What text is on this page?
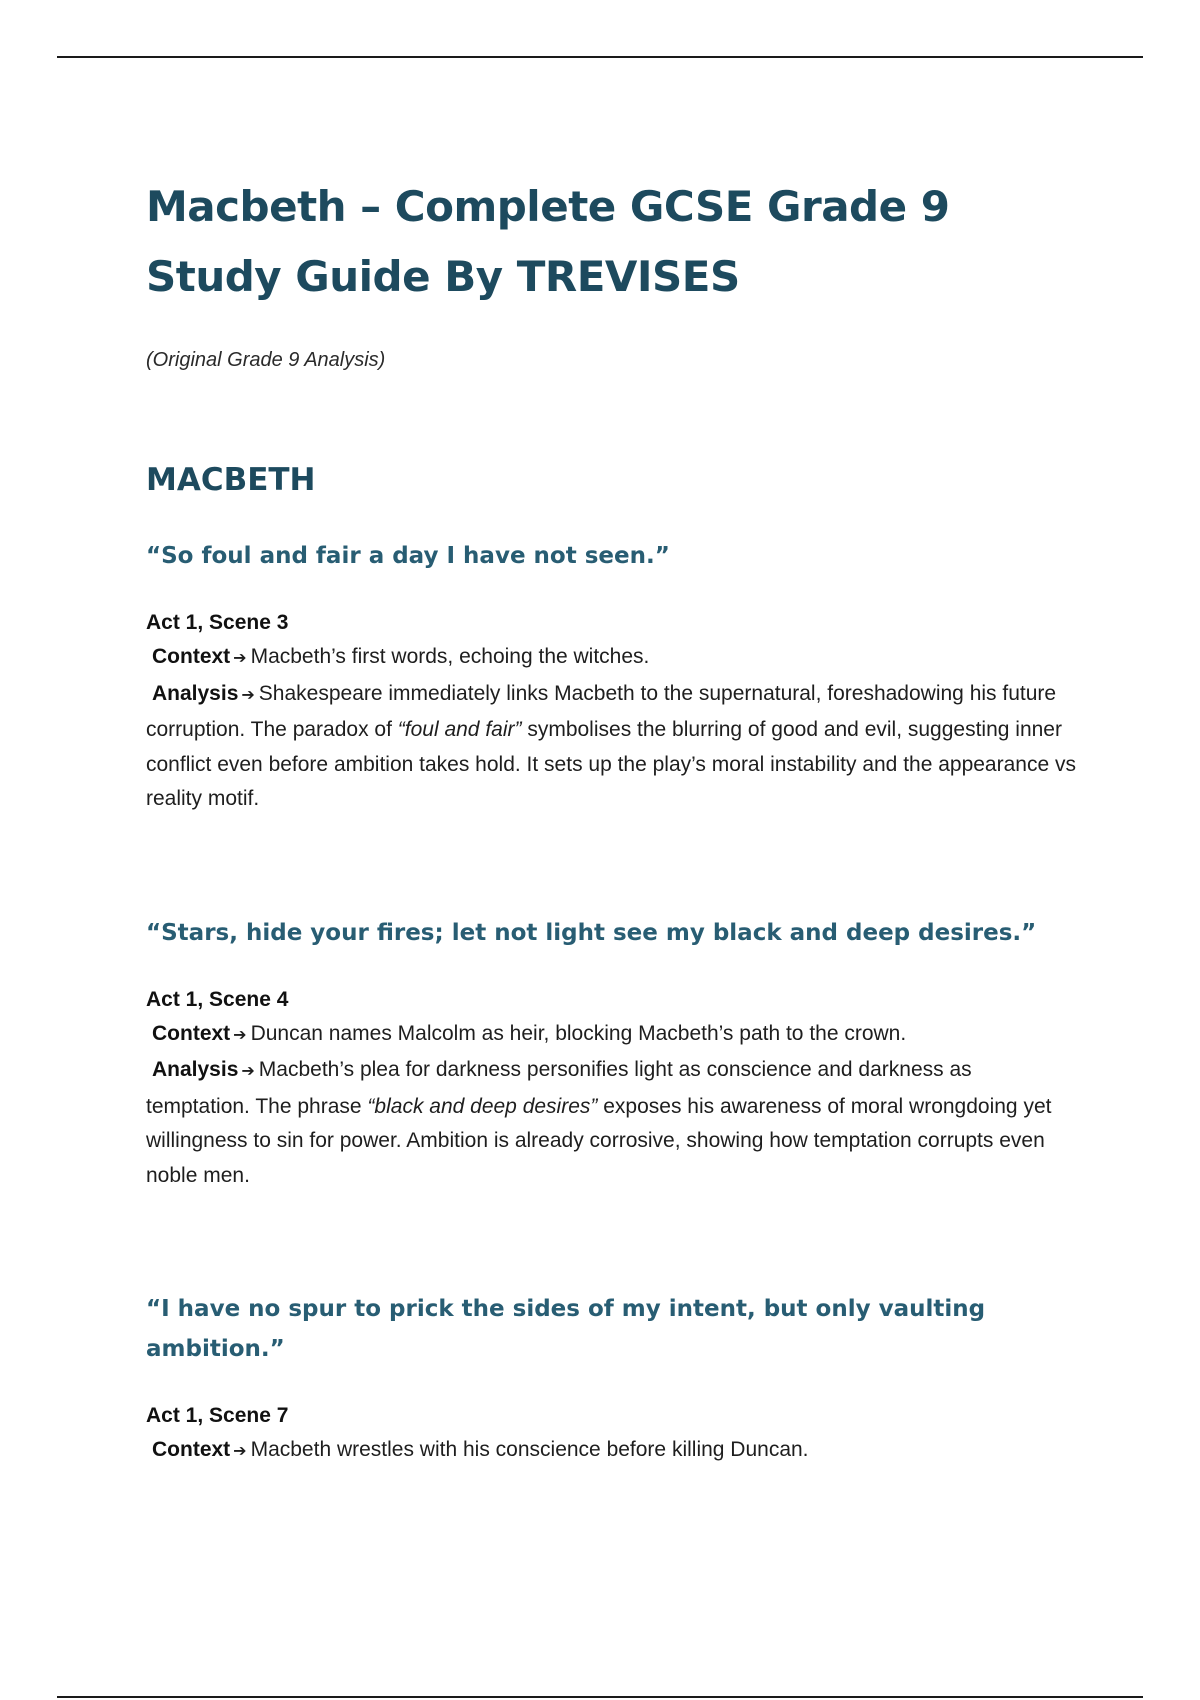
Macbeth – Complete GCSE Grade 9 Study Guide By TREVISES

(Original Grade 9 Analysis)

MACBETH
“So foul and fair a day I have not seen.”

Act 1, Scene 3

Context ➔ Macbeth’s first words, echoing the witches.

Analysis ➔ Shakespeare immediately links Macbeth to the supernatural, foreshadowing his future corruption. The paradox of “foul and fair” symbolises the blurring of good and evil, suggesting inner conflict even before ambition takes hold. It sets up the play’s moral instability and the appearance vs reality motif.

“Stars, hide your fires; let not light see my black and deep desires.”

Act 1, Scene 4

Context ➔ Duncan names Malcolm as heir, blocking Macbeth’s path to the crown.

Analysis ➔ Macbeth’s plea for darkness personifies light as conscience and darkness as temptation. The phrase “black and deep desires” exposes his awareness of moral wrongdoing yet willingness to sin for power. Ambition is already corrosive, showing how temptation corrupts even noble men.

“I have no spur to prick the sides of my intent, but only vaulting ambition.”

Act 1, Scene 7

Context ➔ Macbeth wrestles with his conscience before killing Duncan.
